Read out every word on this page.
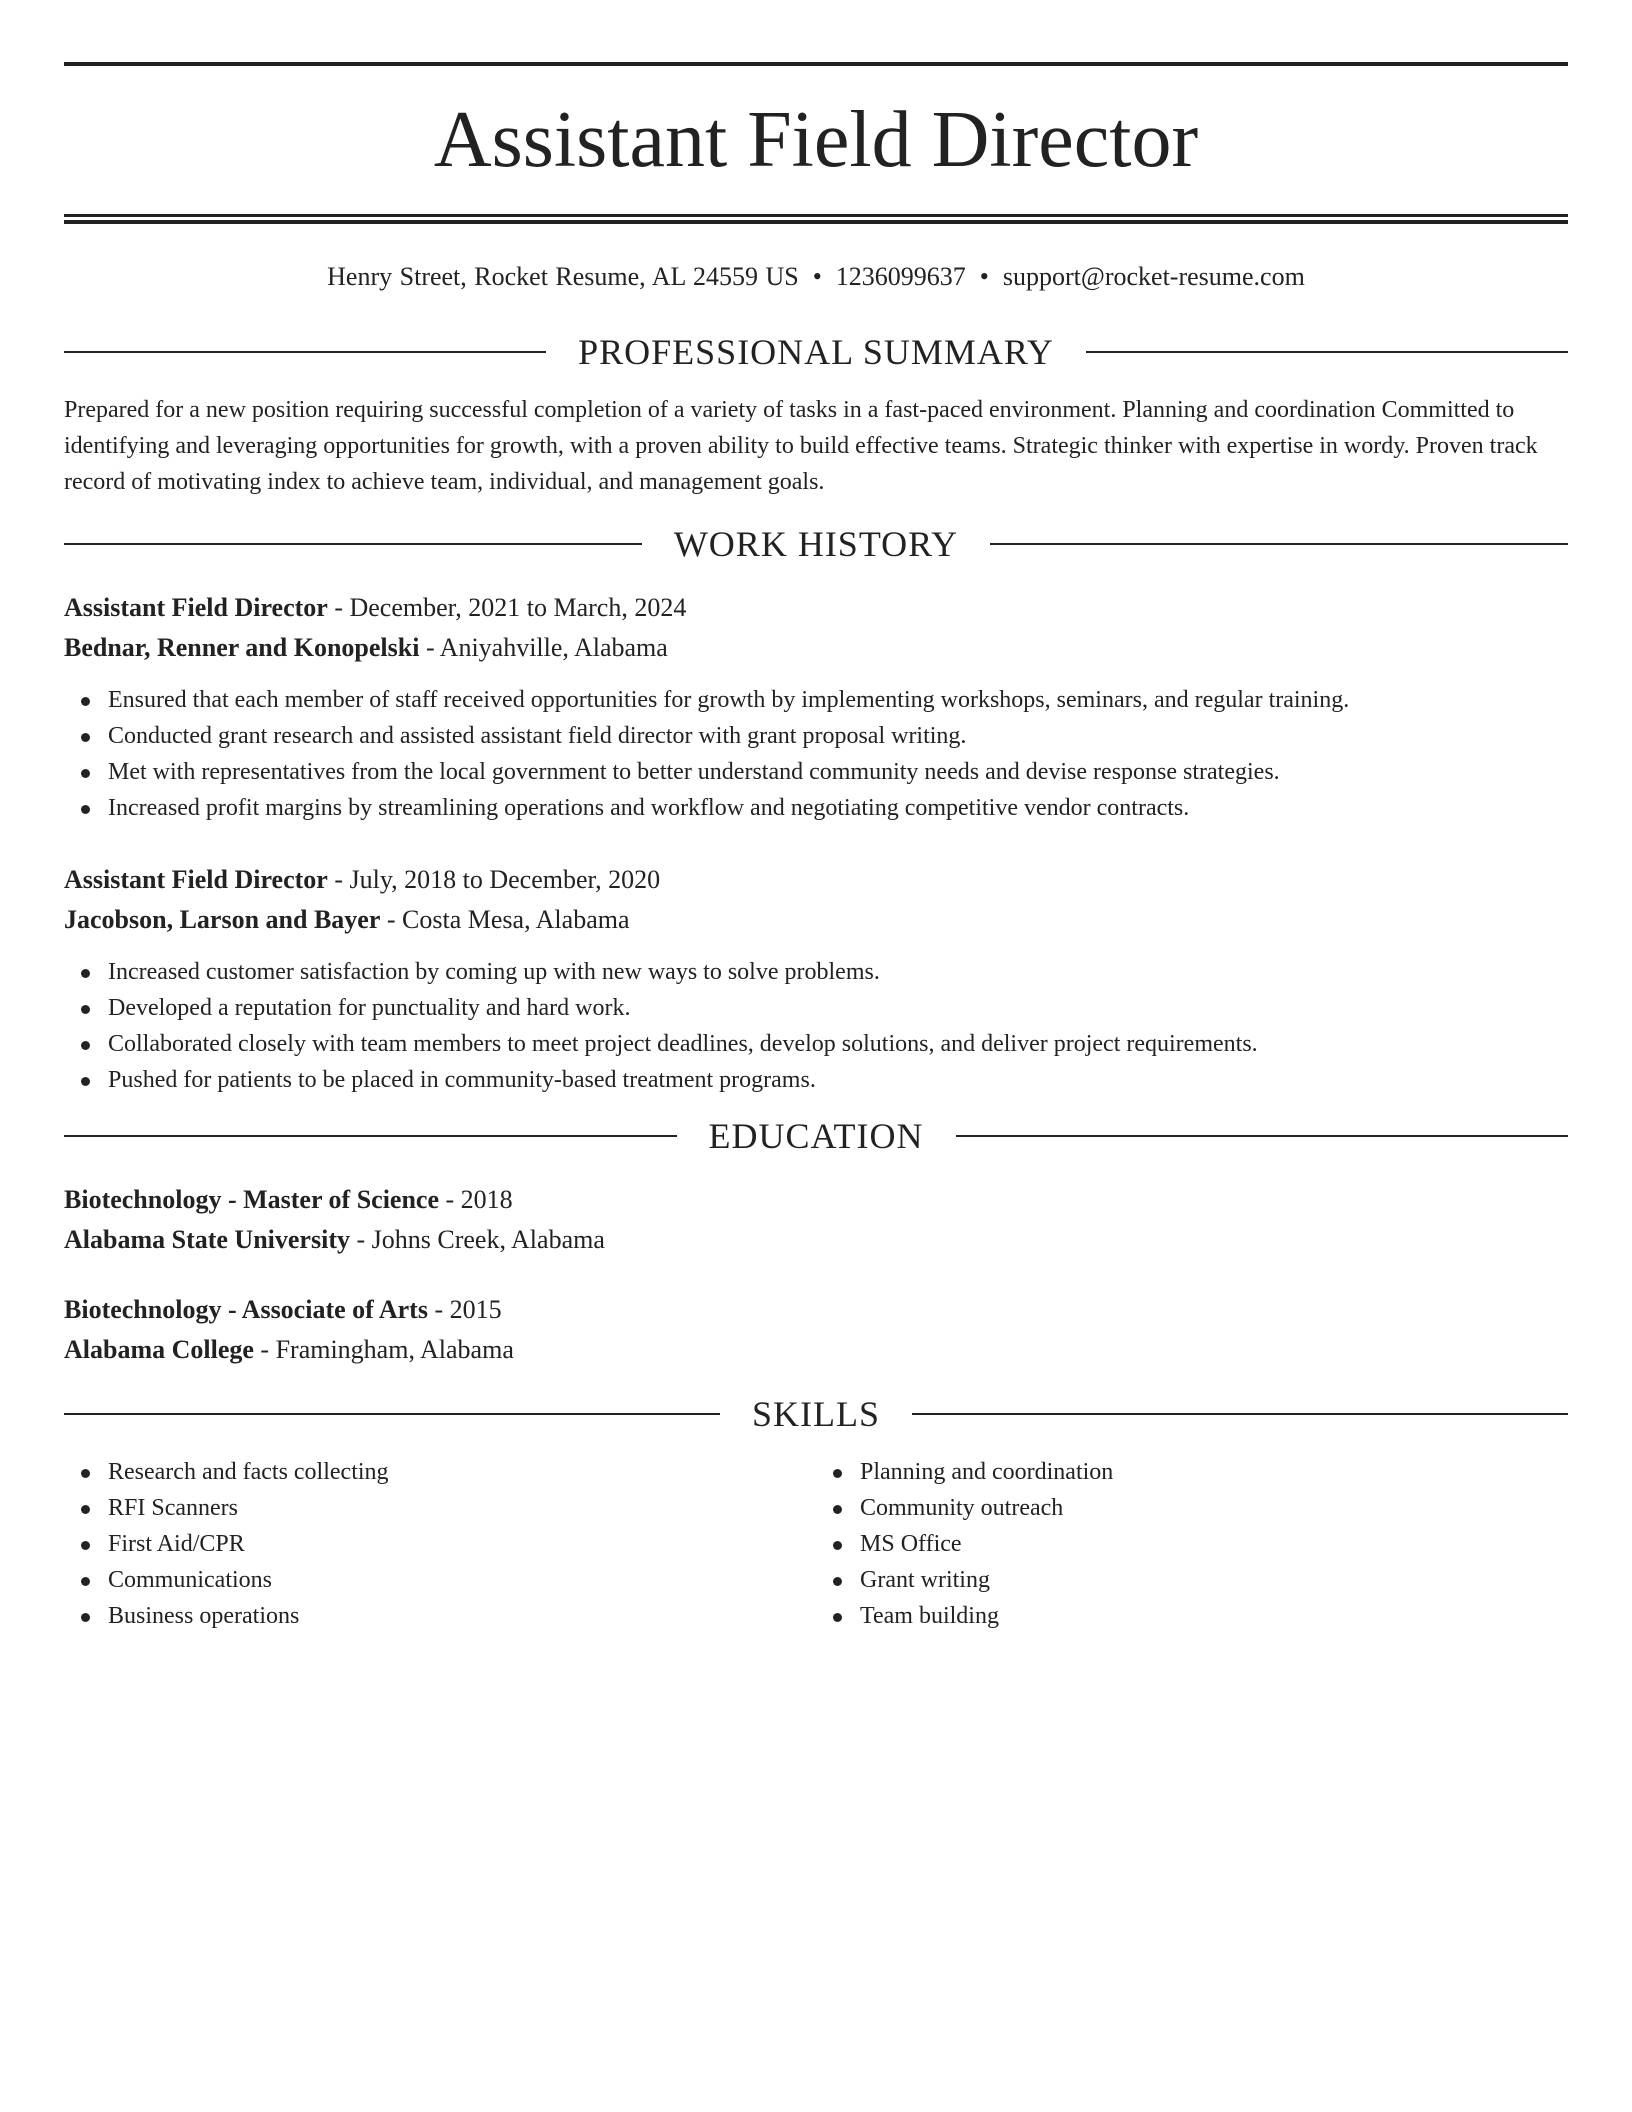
Assistant Field Director
Henry Street, Rocket Resume, AL 24559 US • 1236099637 • support@rocket-resume.com
PROFESSIONAL SUMMARY
Prepared for a new position requiring successful completion of a variety of tasks in a fast-paced environment. Planning and coordination Committed to identifying and leveraging opportunities for growth, with a proven ability to build effective teams. Strategic thinker with expertise in wordy. Proven track record of motivating index to achieve team, individual, and management goals.
WORK HISTORY
Assistant Field Director - December, 2021 to March, 2024
Bednar, Renner and Konopelski - Aniyahville, Alabama
Ensured that each member of staff received opportunities for growth by implementing workshops, seminars, and regular training.
Conducted grant research and assisted assistant field director with grant proposal writing.
Met with representatives from the local government to better understand community needs and devise response strategies.
Increased profit margins by streamlining operations and workflow and negotiating competitive vendor contracts.
Assistant Field Director - July, 2018 to December, 2020
Jacobson, Larson and Bayer - Costa Mesa, Alabama
Increased customer satisfaction by coming up with new ways to solve problems.
Developed a reputation for punctuality and hard work.
Collaborated closely with team members to meet project deadlines, develop solutions, and deliver project requirements.
Pushed for patients to be placed in community-based treatment programs.
EDUCATION
Biotechnology - Master of Science - 2018
Alabama State University - Johns Creek, Alabama
Biotechnology - Associate of Arts - 2015
Alabama College - Framingham, Alabama
SKILLS
Research and facts collecting
RFI Scanners
First Aid/CPR
Communications
Business operations
Planning and coordination
Community outreach
MS Office
Grant writing
Team building
